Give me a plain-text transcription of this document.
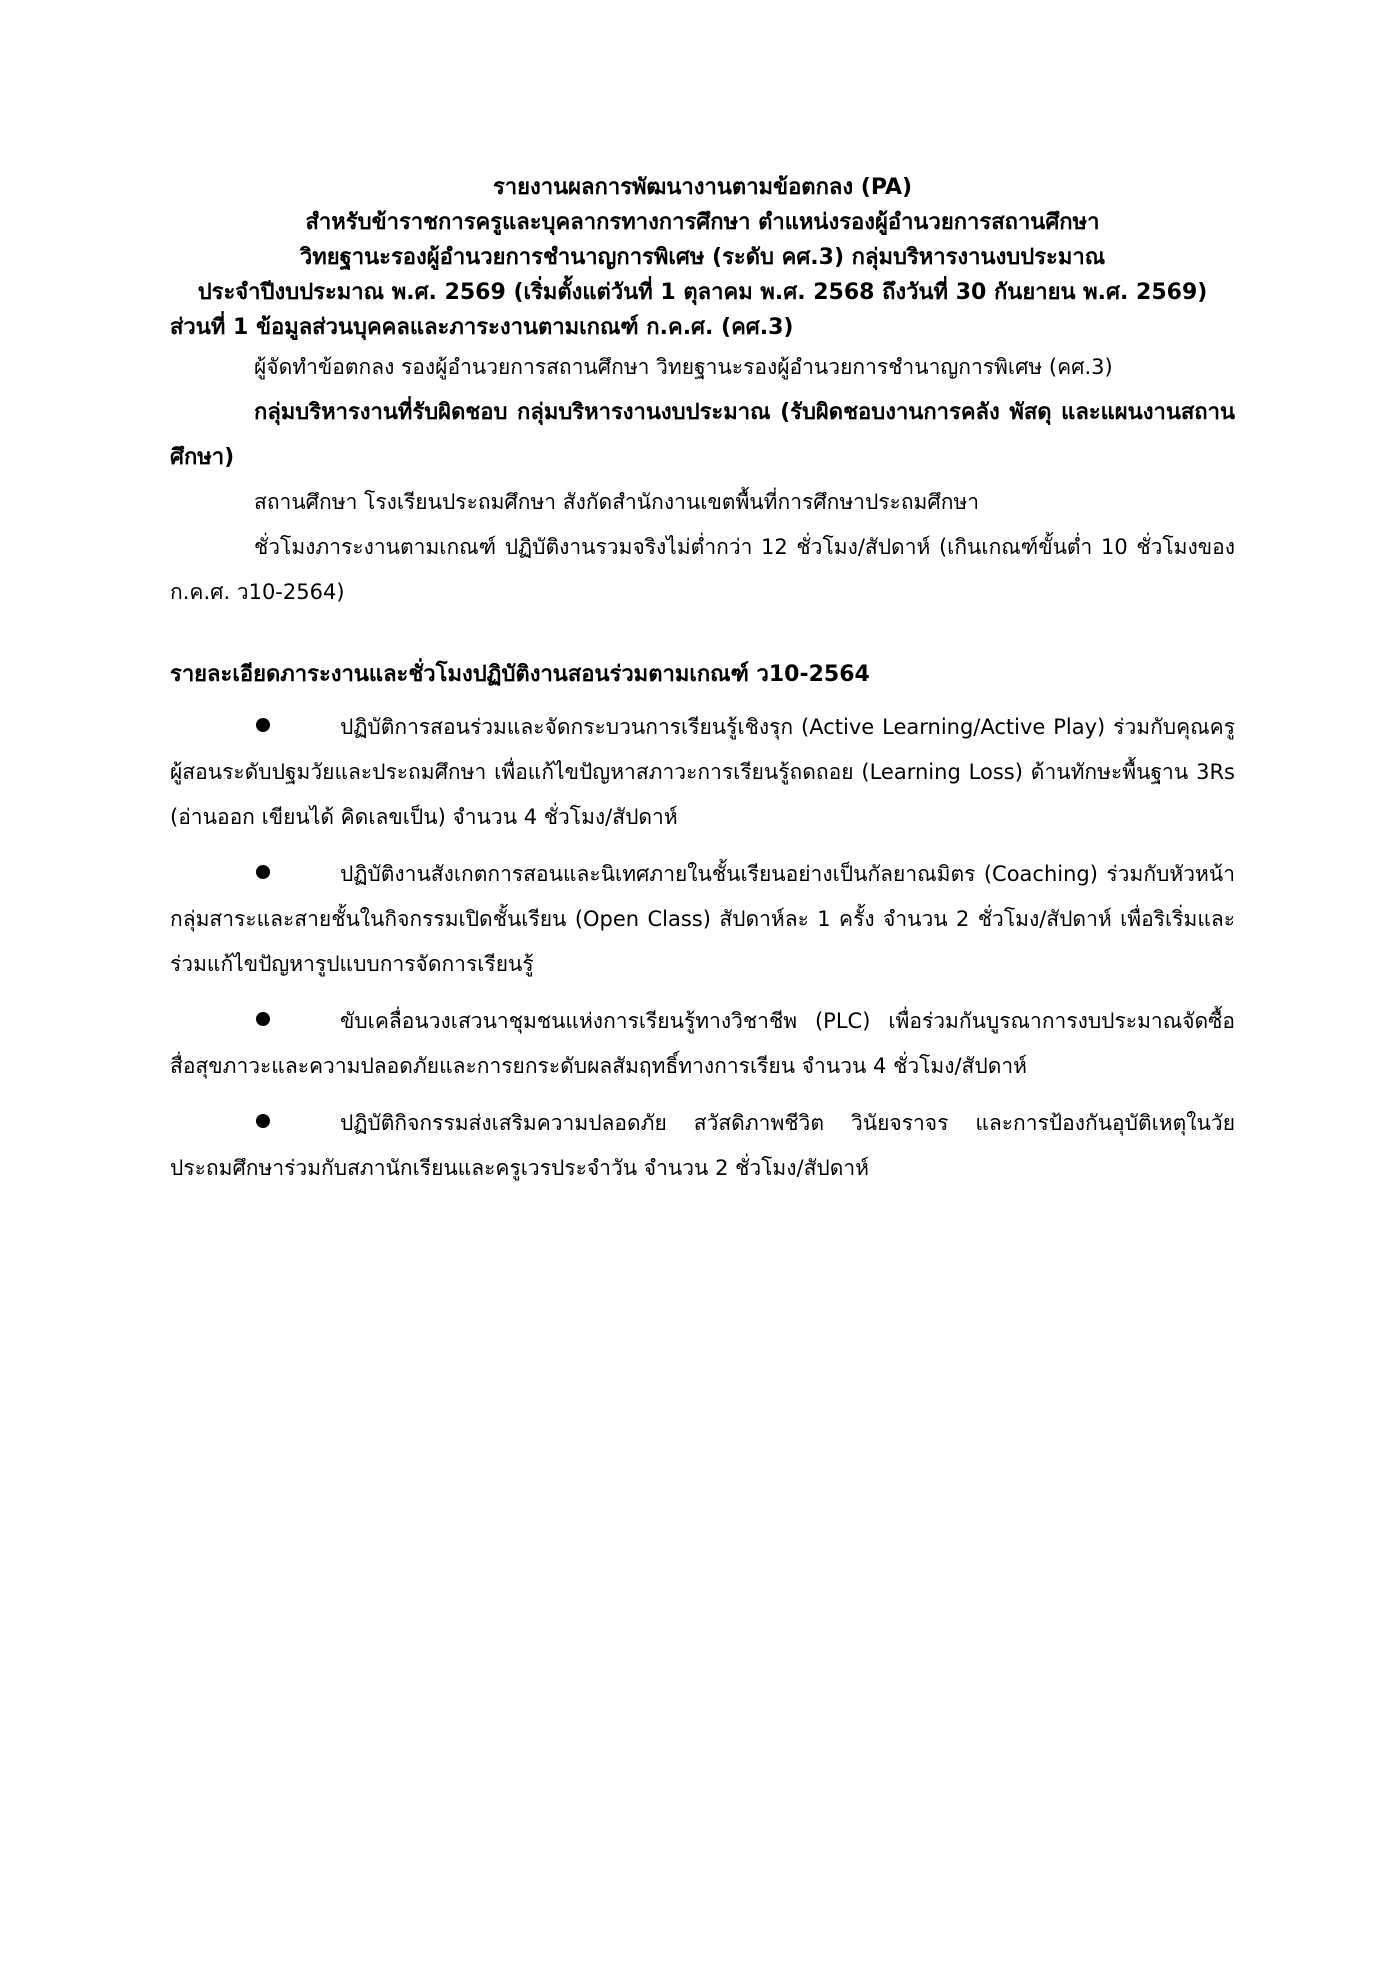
รายงานผลการพัฒนางานตามข้อตกลง (PA)
สำหรับข้าราชการครูและบุคลากรทางการศึกษา ตำแหน่งรองผู้อำนวยการสถานศึกษา
วิทยฐานะรองผู้อำนวยการชำนาญการพิเศษ (ระดับ คศ.3) กลุ่มบริหารงานงบประมาณ
ประจำปีงบประมาณ พ.ศ. 2569 (เริ่มตั้งแต่วันที่ 1 ตุลาคม พ.ศ. 2568 ถึงวันที่ 30 กันยายน พ.ศ. 2569)
ส่วนที่ 1 ข้อมูลส่วนบุคคลและภาระงานตามเกณฑ์ ก.ค.ศ. (คศ.3)

ผู้จัดทำข้อตกลง รองผู้อำนวยการสถานศึกษา วิทยฐานะรองผู้อำนวยการชำนาญการพิเศษ (คศ.3)

กลุ่มบริหารงานที่รับผิดชอบ กลุ่มบริหารงานงบประมาณ (รับผิดชอบงานการคลัง พัสดุ และแผนงานสถานศึกษา)

สถานศึกษา โรงเรียนประถมศึกษา สังกัดสำนักงานเขตพื้นที่การศึกษาประถมศึกษา

ชั่วโมงภาระงานตามเกณฑ์ ปฏิบัติงานรวมจริงไม่ต่ำกว่า 12 ชั่วโมง/สัปดาห์ (เกินเกณฑ์ขั้นต่ำ 10 ชั่วโมงของ ก.ค.ศ. ว10-2564)

รายละเอียดภาระงานและชั่วโมงปฏิบัติงานสอนร่วมตามเกณฑ์ ว10-2564

ปฏิบัติการสอนร่วมและจัดกระบวนการเรียนรู้เชิงรุก (Active Learning/Active Play) ร่วมกับคุณครูผู้สอนระดับปฐมวัยและประถมศึกษา เพื่อแก้ไขปัญหาสภาวะการเรียนรู้ถดถอย (Learning Loss) ด้านทักษะพื้นฐาน 3Rs (อ่านออก เขียนได้ คิดเลขเป็น) จำนวน 4 ชั่วโมง/สัปดาห์

ปฏิบัติงานสังเกตการสอนและนิเทศภายในชั้นเรียนอย่างเป็นกัลยาณมิตร (Coaching) ร่วมกับหัวหน้ากลุ่มสาระและสายชั้นในกิจกรรมเปิดชั้นเรียน (Open Class) สัปดาห์ละ 1 ครั้ง จำนวน 2 ชั่วโมง/สัปดาห์ เพื่อริเริ่มและร่วมแก้ไขปัญหารูปแบบการจัดการเรียนรู้

ขับเคลื่อนวงเสวนาชุมชนแห่งการเรียนรู้ทางวิชาชีพ (PLC) เพื่อร่วมกันบูรณาการงบประมาณจัดซื้อสื่อสุขภาวะและความปลอดภัยและการยกระดับผลสัมฤทธิ์ทางการเรียน จำนวน 4 ชั่วโมง/สัปดาห์

ปฏิบัติกิจกรรมส่งเสริมความปลอดภัย สวัสดิภาพชีวิต วินัยจราจร และการป้องกันอุบัติเหตุในวัยประถมศึกษาร่วมกับสภานักเรียนและครูเวรประจำวัน จำนวน 2 ชั่วโมง/สัปดาห์
